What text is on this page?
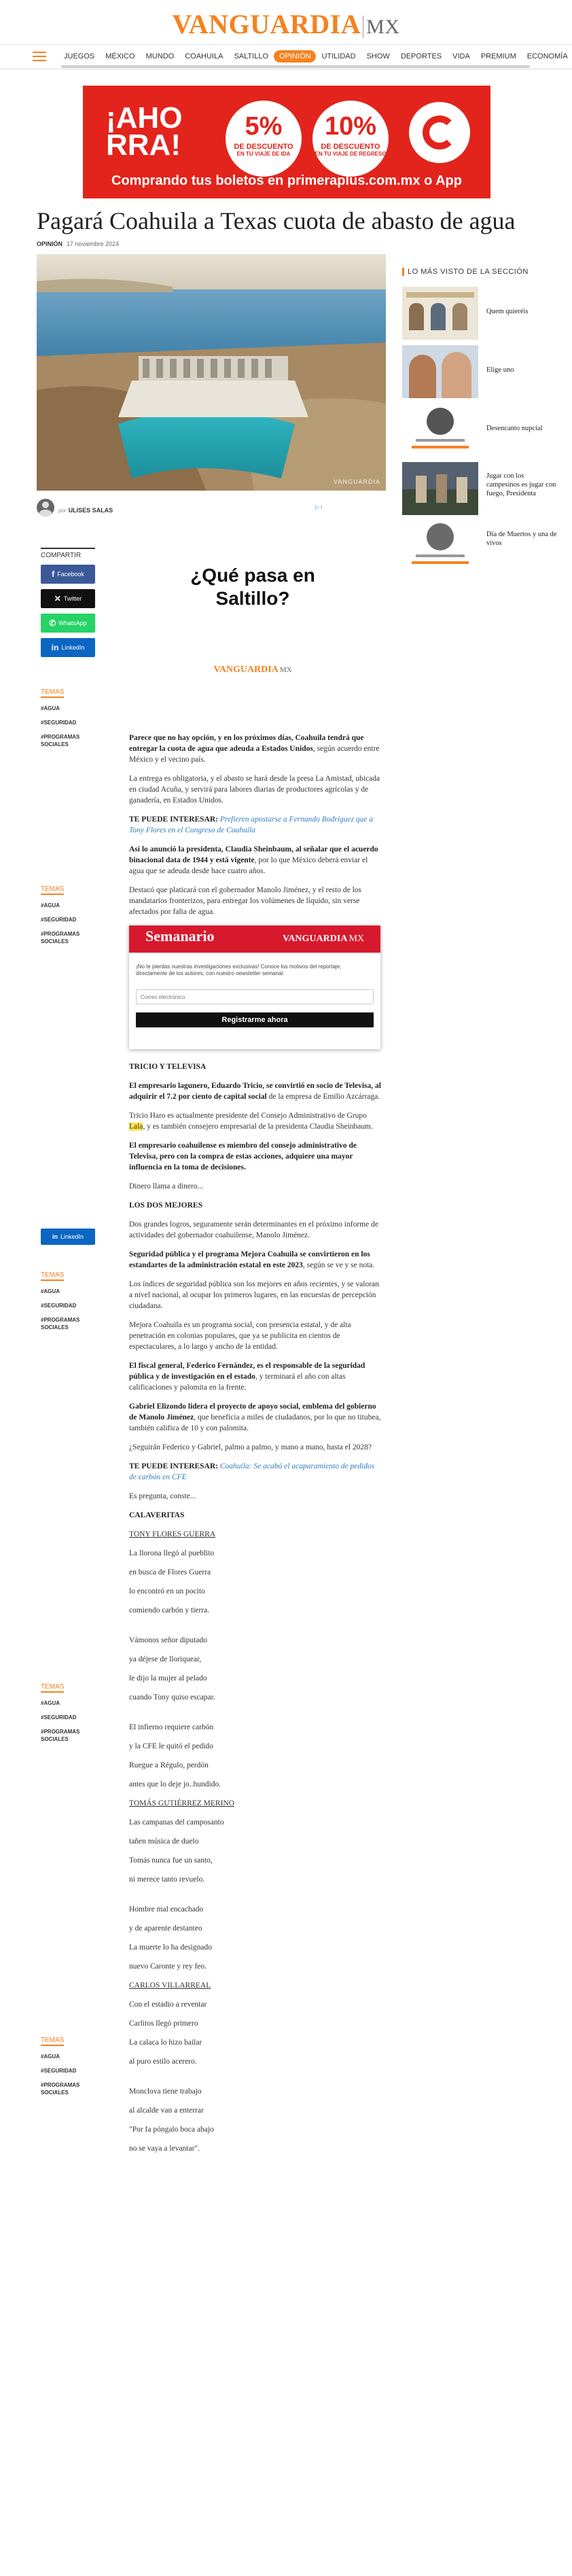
VANGUARDIA MX
JUEGOS	MÉXICO	MUNDO	COAHUILA	SALTILLO	OPINIÓN	UTILIDAD	SHOW	DEPORTES	VIDA	PREMIUM	ECONOMÍA
¡AHO
RRA!
5%
DE DESCUENTO
EN TU VIAJE DE IDA
10%
DE DESCUENTO
EN TU VIAJE DE REGRESO
Comprando tus boletos en primeraplus.com.mx o App
Pagará Coahuila a Texas cuota de abasto de agua
OPINIÓN 17 noviembre 2024
VANGUARDIA
por ULISES SALAS
COMPARTIR
f Facebook
✕ Twitter
✆ WhatsApp
in LinkedIn
TEMAS
#AGUA
#SEGURIDAD
#PROGRAMAS SOCIALES
TEMAS
#AGUA
#SEGURIDAD
#PROGRAMAS SOCIALES
in LinkedIn
TEMAS
#AGUA
#SEGURIDAD
#PROGRAMAS SOCIALES
TEMAS
#AGUA
#SEGURIDAD
#PROGRAMAS SOCIALES
TEMAS
#AGUA
#SEGURIDAD
#PROGRAMAS SOCIALES
▷ i
¿Qué pasa en Saltillo?
VANGUARDIA MX
LO MÁS VISTO DE LA SECCIÓN
Quem quieréis
Elige uno
Desencanto nupcial
Jugar con los campesinos es jugar con fuego, Presidenta
Día de Muertos y una de vivos

Parece que no hay opción, y en los próximos días, Coahuila tendrá que entregar la cuota de agua que adeuda a Estados Unidos, según acuerdo entre México y el vecino país.

La entrega es obligatoria, y el abasto se hará desde la presa La Amistad, ubicada en ciudad Acuña, y servirá para labores diarias de productores agrícolas y de ganadería, en Estados Unidos.

TE PUEDE INTERESAR: Prefieren apostarse a Fernando Rodríguez que a Tony Flores en el Congreso de Coahuila

Así lo anunció la presidenta, Claudia Sheinbaum, al señalar que el acuerdo binacional data de 1944 y está vigente, por lo que México deberá enviar el agua que se adeuda desde hace cuatro años.

Destacó que platicará con el gobernador Manolo Jiménez, y el resto de los mandatarios fronterizos, para entregar los volúmenes de líquido, sin verse afectados por falta de agua.

Semanario	VANGUARDIA MX
¡No te pierdas nuestras investigaciones exclusivas! Conoce los motivos del reportaje, directamente de los autores, con nuestro newsletter semanal.
Correo electrónico
Registrarme ahora

TRICIO Y TELEVISA

El empresario lagunero, Eduardo Tricio, se convirtió en socio de Televisa, al adquirir el 7.2 por ciento de capital social de la empresa de Emilio Azcárraga.

Tricio Haro es actualmente presidente del Consejo Administrativo de Grupo Lala, y es también consejero empresarial de la presidenta Claudia Sheinbaum.

El empresario coahuilense es miembro del consejo administrativo de Televisa, pero con la compra de estas acciones, adquiere una mayor influencia en la toma de decisiones.

Dinero llama a dinero...

LOS DOS MEJORES

Dos grandes logros, seguramente serán determinantes en el próximo informe de actividades del gobernador coahuilense, Manolo Jiménez.

Seguridad pública y el programa Mejora Coahuila se convirtieron en los estandartes de la administración estatal en este 2023, según se ve y se nota.

Los índices de seguridad pública son los mejores en años recientes, y se valoran a nivel nacional, al ocupar los primeros lugares, en las encuestas de percepción ciudadana.

Mejora Coahuila es un programa social, con presencia estatal, y de alta penetración en colonias populares, que ya se publicita en cientos de espectaculares, a lo largo y ancho de la entidad.

El fiscal general, Federico Fernández, es el responsable de la seguridad pública y de investigación en el estado, y terminará el año con altas calificaciones y palomita en la frente.

Gabriel Elizondo lidera el proyecto de apoyo social, emblema del gobierno de Manolo Jiménez, que beneficia a miles de ciudadanos, por lo que no titubea, también califica de 10 y con palomita.

¿Seguirán Federico y Gabriel, palmo a palmo, y mano a mano, hasta el 2028?

TE PUEDE INTERESAR: Coahuila: Se acabó el acaparamiento de pedidos de carbón en CFE

Es pregunta, conste...

CALAVERITAS

TONY FLORES GUERRA

La llorona llegó al pueblito

en busca de Flores Guerra

lo encontró en un pocito

comiendo carbón y tierra.

Vámonos señor diputado

ya déjese de lloriquear,

le dijo la mujer al pelado

cuando Tony quiso escapar.

El infierno requiere carbón

y la CFE le quitó el pedido

Ruegue a Régulo, perdón

antes que lo deje jo..hundido.

TOMÁS GUTIÉRREZ MERINO

Las campanas del camposanto

tañen música de duelo

Tomás nunca fue un santo,

ni merece tanto revuelo.

Hombre mal encachado

y de aparente destanteo

La muerte lo ha designado

nuevo Caronte y rey feo.

CARLOS VILLARREAL

Con el estadio a reventar

Carlitos llegó primero

La calaca lo hizo bailar

al puro estilo acerero.

Monclova tiene trabajo

al alcalde van a enterrar

"Por fa póngalo boca abajo

no se vaya a levantar".
